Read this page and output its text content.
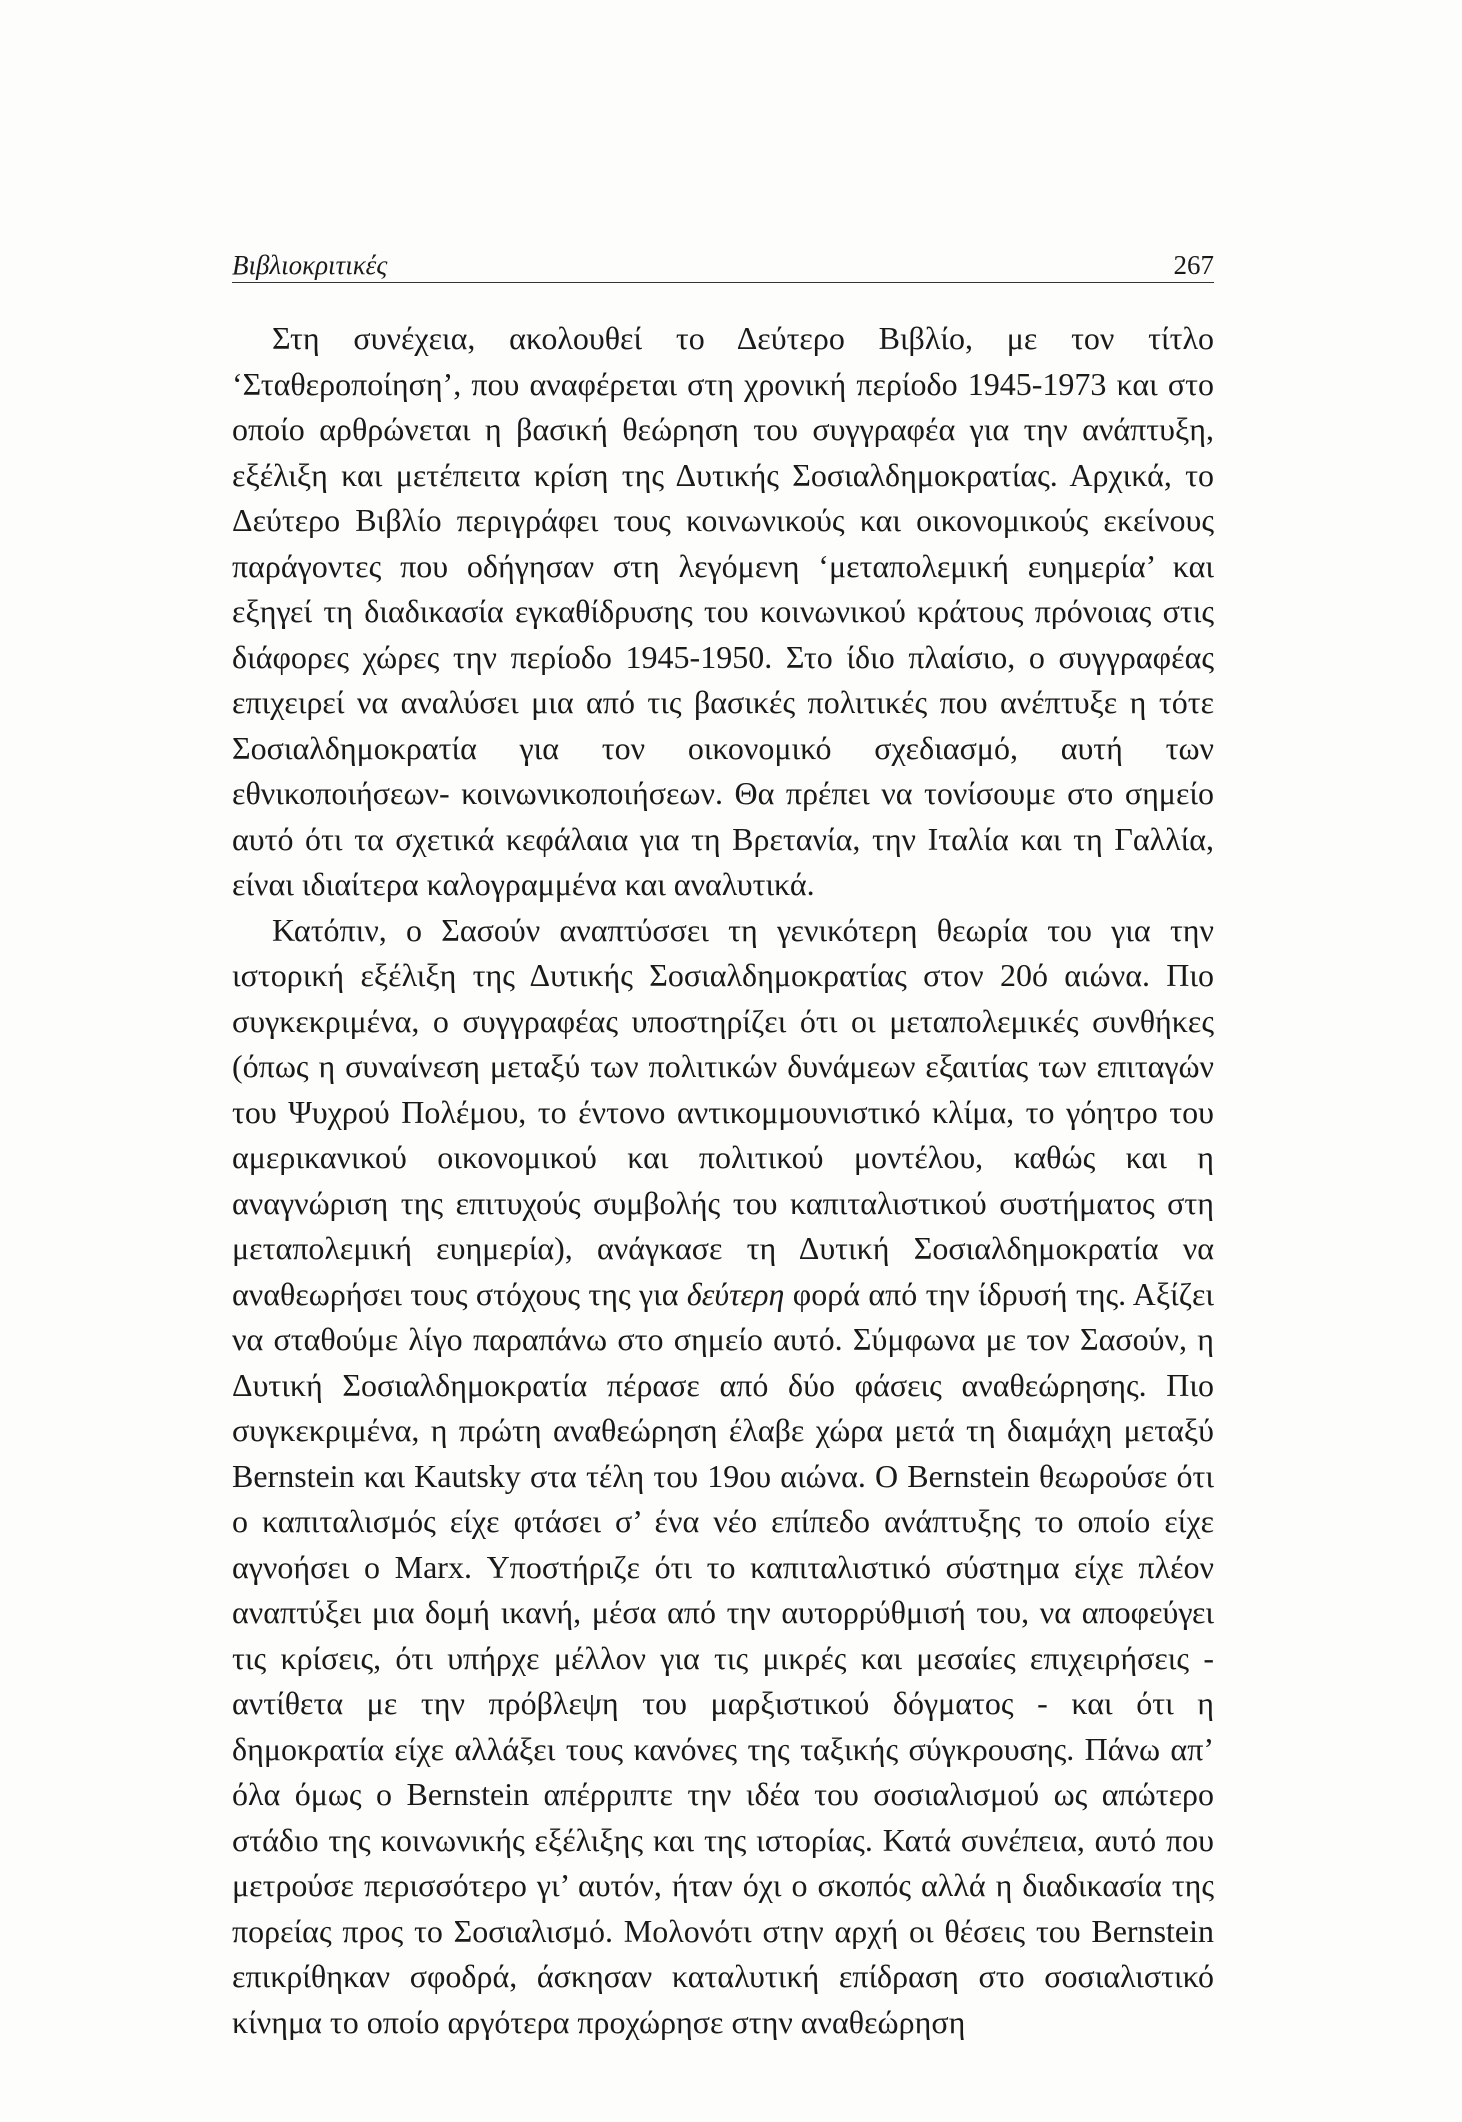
Βιβλιοκριτικές	267

Στη συνέχεια, ακολουθεί το Δεύτερο Βιβλίο, με τον τίτλο ‘Σταθεροποίηση’, που αναφέρεται στη χρονική περίοδο 1945-1973 και στο οποίο αρθρώνεται η βασική θεώρηση του συγγραφέα για την ανάπτυξη, εξέλιξη και μετέπειτα κρίση της Δυτικής Σοσιαλδημοκρατίας. Αρχικά, το Δεύτερο Βιβλίο περιγράφει τους κοινωνικούς και οικονομικούς εκείνους παράγοντες που οδήγησαν στη λεγόμενη ‘μεταπολεμική ευημερία’ και εξηγεί τη διαδικασία εγκαθίδρυσης του κοινωνικού κράτους πρόνοιας στις διάφορες χώρες την περίοδο 1945-1950. Στο ίδιο πλαίσιο, ο συγγραφέας επιχειρεί να αναλύσει μια από τις βασικές πολιτικές που ανέπτυξε η τότε Σοσιαλδημοκρατία για τον οικονομικό σχεδιασμό, αυτή των εθνικοποιήσεων- κοινωνικοποιήσεων. Θα πρέπει να τονίσουμε στο σημείο αυτό ότι τα σχετικά κεφάλαια για τη Βρετανία, την Ιταλία και τη Γαλλία, είναι ιδιαίτερα καλογραμμένα και αναλυτικά.

Κατόπιν, ο Σασούν αναπτύσσει τη γενικότερη θεωρία του για την ιστορική εξέλιξη της Δυτικής Σοσιαλδημοκρατίας στον 20ό αιώνα. Πιο συγκεκριμένα, ο συγγραφέας υποστηρίζει ότι οι μεταπολεμικές συνθήκες (όπως η συναίνεση μεταξύ των πολιτικών δυνάμεων εξαιτίας των επιταγών του Ψυχρού Πολέμου, το έντονο αντικομμουνιστικό κλίμα, το γόητρο του αμερικανικού οικονομικού και πολιτικού μοντέλου, καθώς και η αναγνώριση της επιτυχούς συμβολής του καπιταλιστικού συστήματος στη μεταπολεμική ευημερία), ανάγκασε τη Δυτική Σοσιαλδημοκρατία να αναθεωρήσει τους στόχους της για δεύτερη φορά από την ίδρυσή της. Αξίζει να σταθούμε λίγο παραπάνω στο σημείο αυτό. Σύμφωνα με τον Σασούν, η Δυτική Σοσιαλδημοκρατία πέρασε από δύο φάσεις αναθεώρησης. Πιο συγκεκριμένα, η πρώτη αναθεώρηση έλαβε χώρα μετά τη διαμάχη μεταξύ Bernstein και Kautsky στα τέλη του 19ου αιώνα. Ο Bernstein θεωρούσε ότι ο καπιταλισμός είχε φτάσει σ’ ένα νέο επίπεδο ανάπτυξης το οποίο είχε αγνοήσει ο Marx. Υποστήριζε ότι το καπιταλιστικό σύστημα είχε πλέον αναπτύξει μια δομή ικανή, μέσα από την αυτορρύθμισή του, να αποφεύγει τις κρίσεις, ότι υπήρχε μέλλον για τις μικρές και μεσαίες επιχειρήσεις - αντίθετα με την πρόβλεψη του μαρξιστικού δόγματος - και ότι η δημοκρατία είχε αλλάξει τους κανόνες της ταξικής σύγκρουσης. Πάνω απ’ όλα όμως ο Bernstein απέρριπτε την ιδέα του σοσιαλισμού ως απώτερο στάδιο της κοινωνικής εξέλιξης και της ιστορίας. Κατά συνέπεια, αυτό που μετρούσε περισσότερο γι’ αυτόν, ήταν όχι ο σκοπός αλλά η διαδικασία της πορείας προς το Σοσιαλισμό. Μολονότι στην αρχή οι θέσεις του Bernstein επικρίθηκαν σφοδρά, άσκησαν καταλυτική επίδραση στο σοσιαλιστικό κίνημα το οποίο αργότερα προχώρησε στην αναθεώρηση
